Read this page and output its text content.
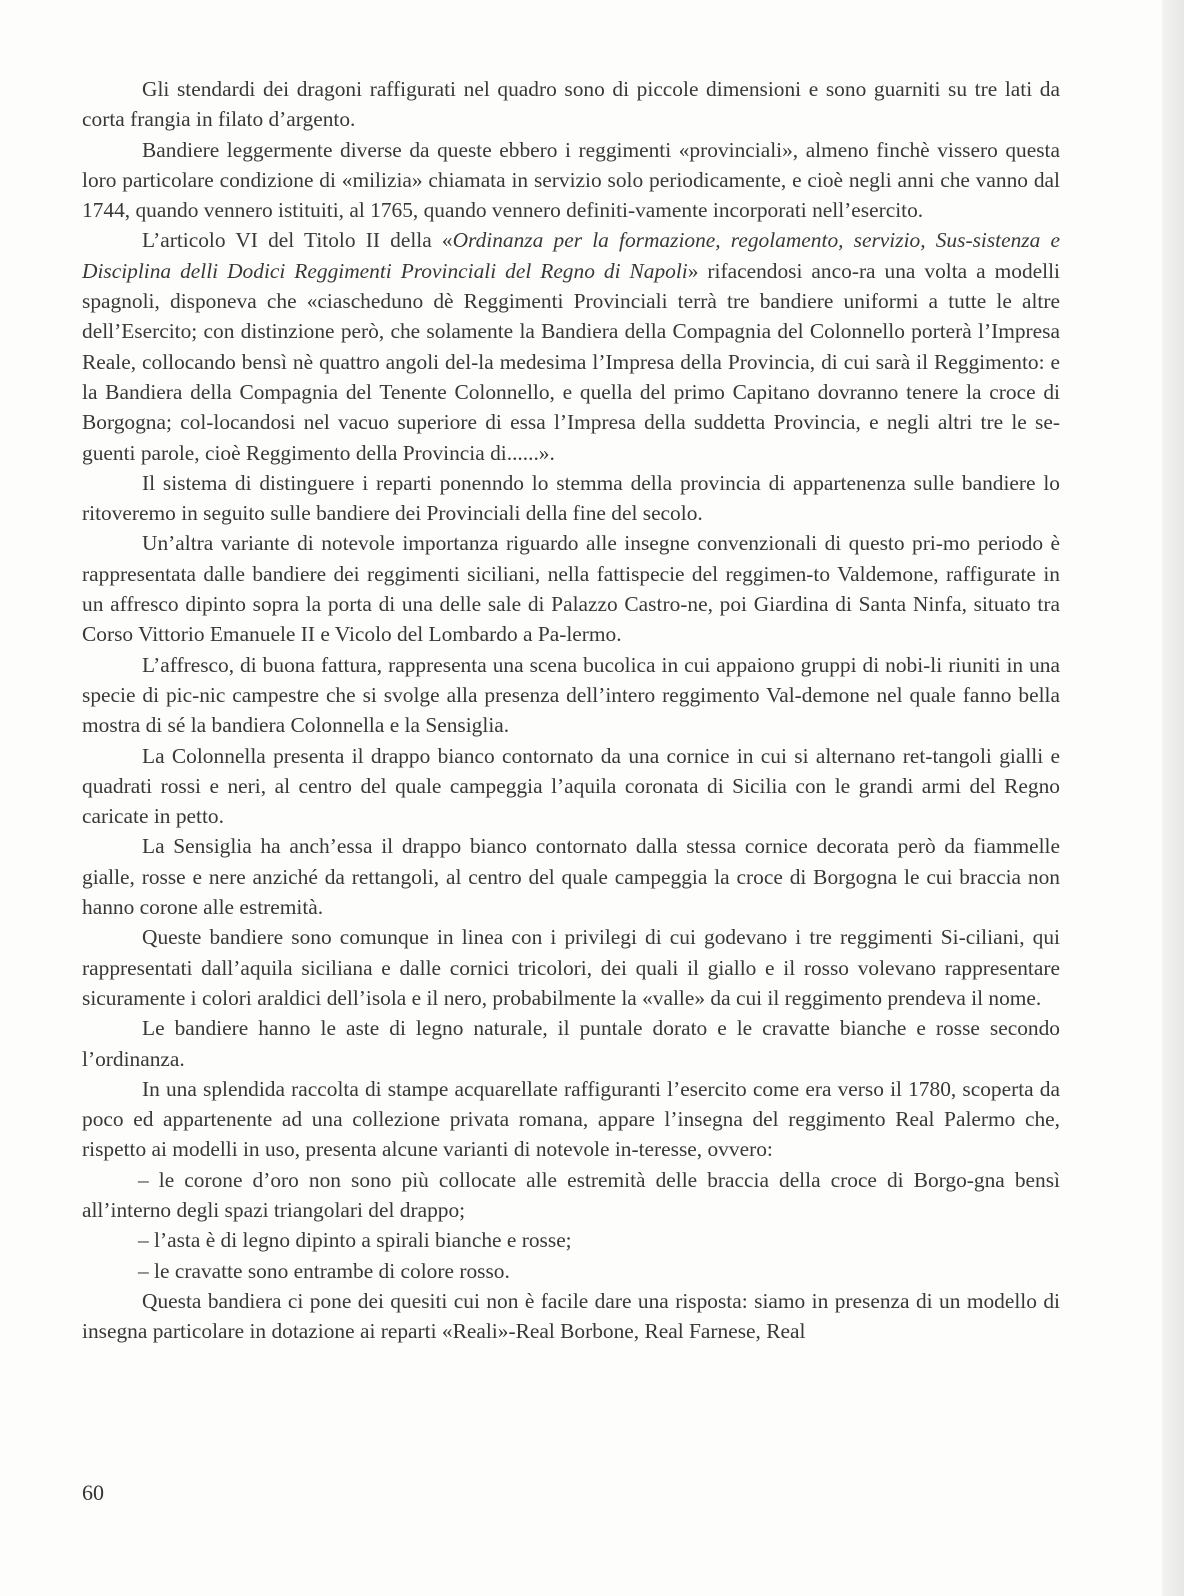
Gli stendardi dei dragoni raffigurati nel quadro sono di piccole dimensioni e sono guarniti su tre lati da corta frangia in filato d’argento.

Bandiere leggermente diverse da queste ebbero i reggimenti «provinciali», almeno finchè vissero questa loro particolare condizione di «milizia» chiamata in servizio solo periodicamente, e cioè negli anni che vanno dal 1744, quando vennero istituiti, al 1765, quando vennero definiti-vamente incorporati nell’esercito.

L’articolo VI del Titolo II della «Ordinanza per la formazione, regolamento, servizio, Sus-sistenza e Disciplina delli Dodici Reggimenti Provinciali del Regno di Napoli» rifacendosi anco-ra una volta a modelli spagnoli, disponeva che «ciascheduno dè Reggimenti Provinciali terrà tre bandiere uniformi a tutte le altre dell’Esercito; con distinzione però, che solamente la Bandiera della Compagnia del Colonnello porterà l’Impresa Reale, collocando bensì nè quattro angoli del-la medesima l’Impresa della Provincia, di cui sarà il Reggimento: e la Bandiera della Compagnia del Tenente Colonnello, e quella del primo Capitano dovranno tenere la croce di Borgogna; col-locandosi nel vacuo superiore di essa l’Impresa della suddetta Provincia, e negli altri tre le se-guenti parole, cioè Reggimento della Provincia di......».

Il sistema di distinguere i reparti ponenndo lo stemma della provincia di appartenenza sulle bandiere lo ritoveremo in seguito sulle bandiere dei Provinciali della fine del secolo.

Un’altra variante di notevole importanza riguardo alle insegne convenzionali di questo pri-mo periodo è rappresentata dalle bandiere dei reggimenti siciliani, nella fattispecie del reggimen-to Valdemone, raffigurate in un affresco dipinto sopra la porta di una delle sale di Palazzo Castro-ne, poi Giardina di Santa Ninfa, situato tra Corso Vittorio Emanuele II e Vicolo del Lombardo a Pa-lermo.

L’affresco, di buona fattura, rappresenta una scena bucolica in cui appaiono gruppi di nobi-li riuniti in una specie di pic-nic campestre che si svolge alla presenza dell’intero reggimento Val-demone nel quale fanno bella mostra di sé la bandiera Colonnella e la Sensiglia.

La Colonnella presenta il drappo bianco contornato da una cornice in cui si alternano ret-tangoli gialli e quadrati rossi e neri, al centro del quale campeggia l’aquila coronata di Sicilia con le grandi armi del Regno caricate in petto.

La Sensiglia ha anch’essa il drappo bianco contornato dalla stessa cornice decorata però da fiammelle gialle, rosse e nere anziché da rettangoli, al centro del quale campeggia la croce di Borgogna le cui braccia non hanno corone alle estremità.

Queste bandiere sono comunque in linea con i privilegi di cui godevano i tre reggimenti Si-ciliani, qui rappresentati dall’aquila siciliana e dalle cornici tricolori, dei quali il giallo e il rosso volevano rappresentare sicuramente i colori araldici dell’isola e il nero, probabilmente la «valle» da cui il reggimento prendeva il nome.

Le bandiere hanno le aste di legno naturale, il puntale dorato e le cravatte bianche e rosse secondo l’ordinanza.

In una splendida raccolta di stampe acquarellate raffiguranti l’esercito come era verso il 1780, scoperta da poco ed appartenente ad una collezione privata romana, appare l’insegna del reggimento Real Palermo che, rispetto ai modelli in uso, presenta alcune varianti di notevole in-teresse, ovvero:

– le corone d’oro non sono più collocate alle estremità delle braccia della croce di Borgo-gna bensì all’interno degli spazi triangolari del drappo;

– l’asta è di legno dipinto a spirali bianche e rosse;

– le cravatte sono entrambe di colore rosso.

Questa bandiera ci pone dei quesiti cui non è facile dare una risposta: siamo in presenza di un modello di insegna particolare in dotazione ai reparti «Reali»-Real Borbone, Real Farnese, Real

60
